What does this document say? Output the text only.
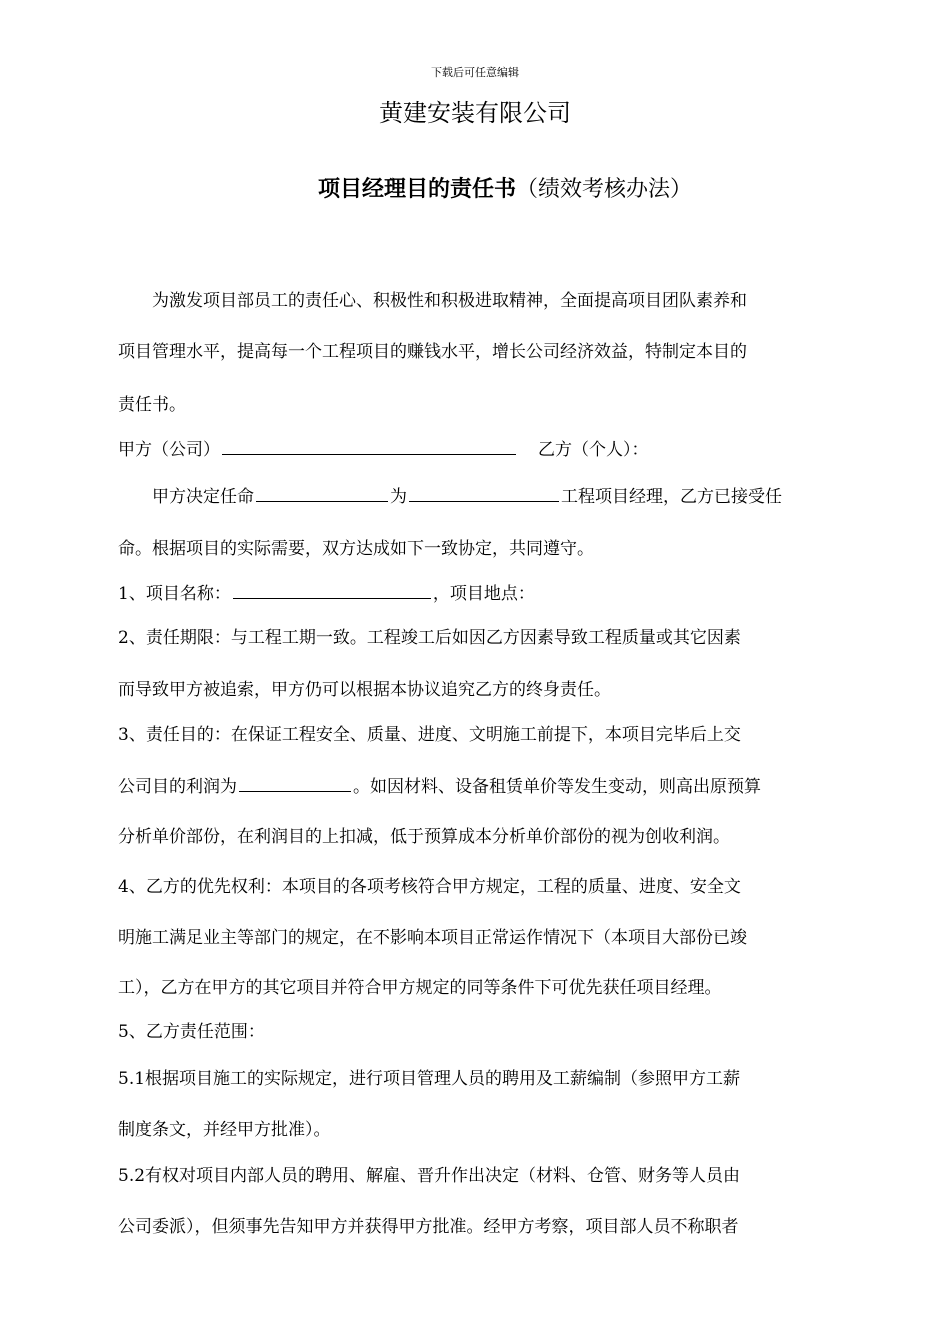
下载后可任意编辑
黄建安装有限公司
项目经理目的责任书（绩效考核办法）
为激发项目部员工的责任心、积极性和积极进取精神，全面提高项目团队素养和
项目管理水平，提高每一个工程项目的赚钱水平，增长公司经济效益，特制定本目的
责任书。
甲方（公司）	乙方（个人）：
甲方决定任命	为	工程项目经理，乙方已接受任
命。根据项目的实际需要，双方达成如下一致协定，共同遵守。
1、项目名称：	，项目地点：
2、责任期限：与工程工期一致。工程竣工后如因乙方因素导致工程质量或其它因素
而导致甲方被追索，甲方仍可以根据本协议追究乙方的终身责任。
3、责任目的：在保证工程安全、质量、进度、文明施工前提下，本项目完毕后上交
公司目的利润为	。如因材料、设备租赁单价等发生变动，则高出原预算
分析单价部份，在利润目的上扣减，低于预算成本分析单价部份的视为创收利润。
4、乙方的优先权利：本项目的各项考核符合甲方规定，工程的质量、进度、安全文
明施工满足业主等部门的规定，在不影响本项目正常运作情况下（本项目大部份已竣
工），乙方在甲方的其它项目并符合甲方规定的同等条件下可优先获任项目经理。
5、乙方责任范围：
5.1根据项目施工的实际规定，进行项目管理人员的聘用及工薪编制（参照甲方工薪
制度条文，并经甲方批准）。
5.2有权对项目内部人员的聘用、解雇、晋升作出决定（材料、仓管、财务等人员由
公司委派），但须事先告知甲方并获得甲方批准。经甲方考察，项目部人员不称职者
